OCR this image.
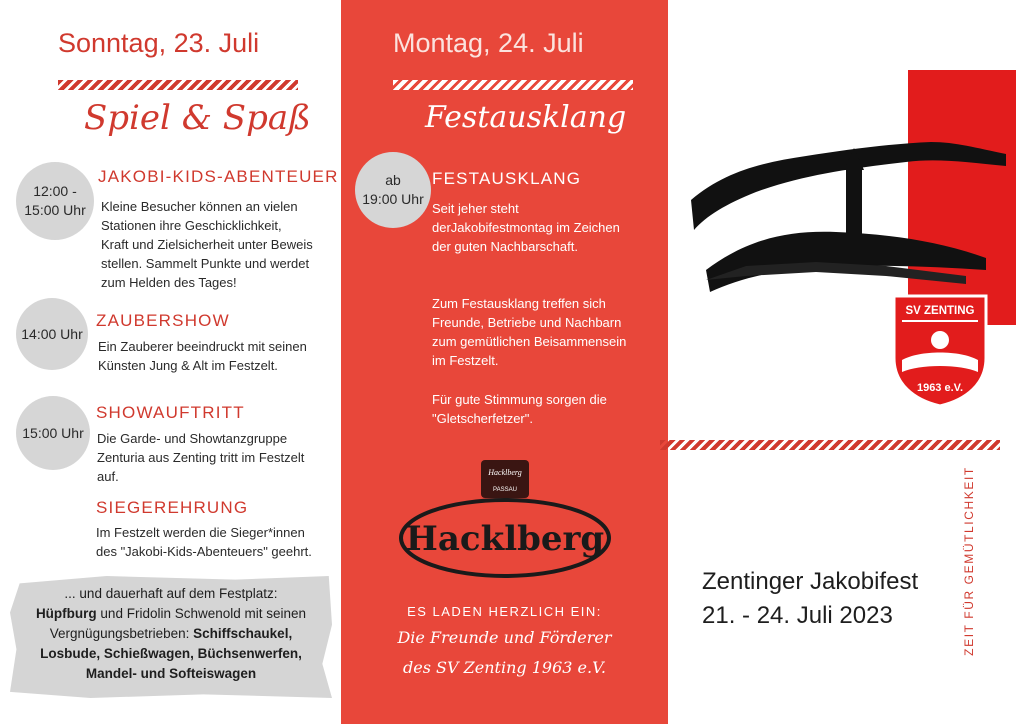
Sonntag, 23. Juli
Spiel & Spaß
12:00 -
15:00 Uhr
JAKOBI-KIDS-ABENTEUER
Kleine Besucher können an vielen
Stationen ihre Geschicklichkeit,
Kraft und Zielsicherheit unter Beweis
stellen. Sammelt Punkte und werdet
zum Helden des Tages!
14:00 Uhr
ZAUBERSHOW
Ein Zauberer beeindruckt mit seinen
Künsten Jung & Alt im Festzelt.
15:00 Uhr
SHOWAUFTRITT
Die Garde- und Showtanzgruppe
Zenturia aus Zenting tritt im Festzelt
auf.
SIEGEREHRUNG
Im Festzelt werden die Sieger*innen
des "Jakobi-Kids-Abenteuers" geehrt.
... und dauerhaft auf dem Festplatz:
Hüpfburg und Fridolin Schwenold mit seinen
Vergnügungsbetrieben: Schiffschaukel,
Losbude, Schießwagen, Büchsenwerfen,
Mandel- und Softeiswagen
Montag, 24. Juli
Festausklang
ab
19:00 Uhr
FESTAUSKLANG
Seit jeher steht
derJakobifestmontag im Zeichen
der guten Nachbarschaft.
Zum Festausklang treffen sich
Freunde, Betriebe und Nachbarn
zum gemütlichen Beisammensein
im Festzelt.
Für gute Stimmung sorgen die
"Gletscherfetzer".
Hacklberg
PASSAU
Hacklberg
ES LADEN HERZLICH EIN:
Die Freunde und Förderer
des SV Zenting 1963 e.V.
SV ZENTING
1963 e.V.
Zentinger Jakobifest
21. - 24. Juli 2023	ZEIT FÜR GEMÜTLICHKEIT
